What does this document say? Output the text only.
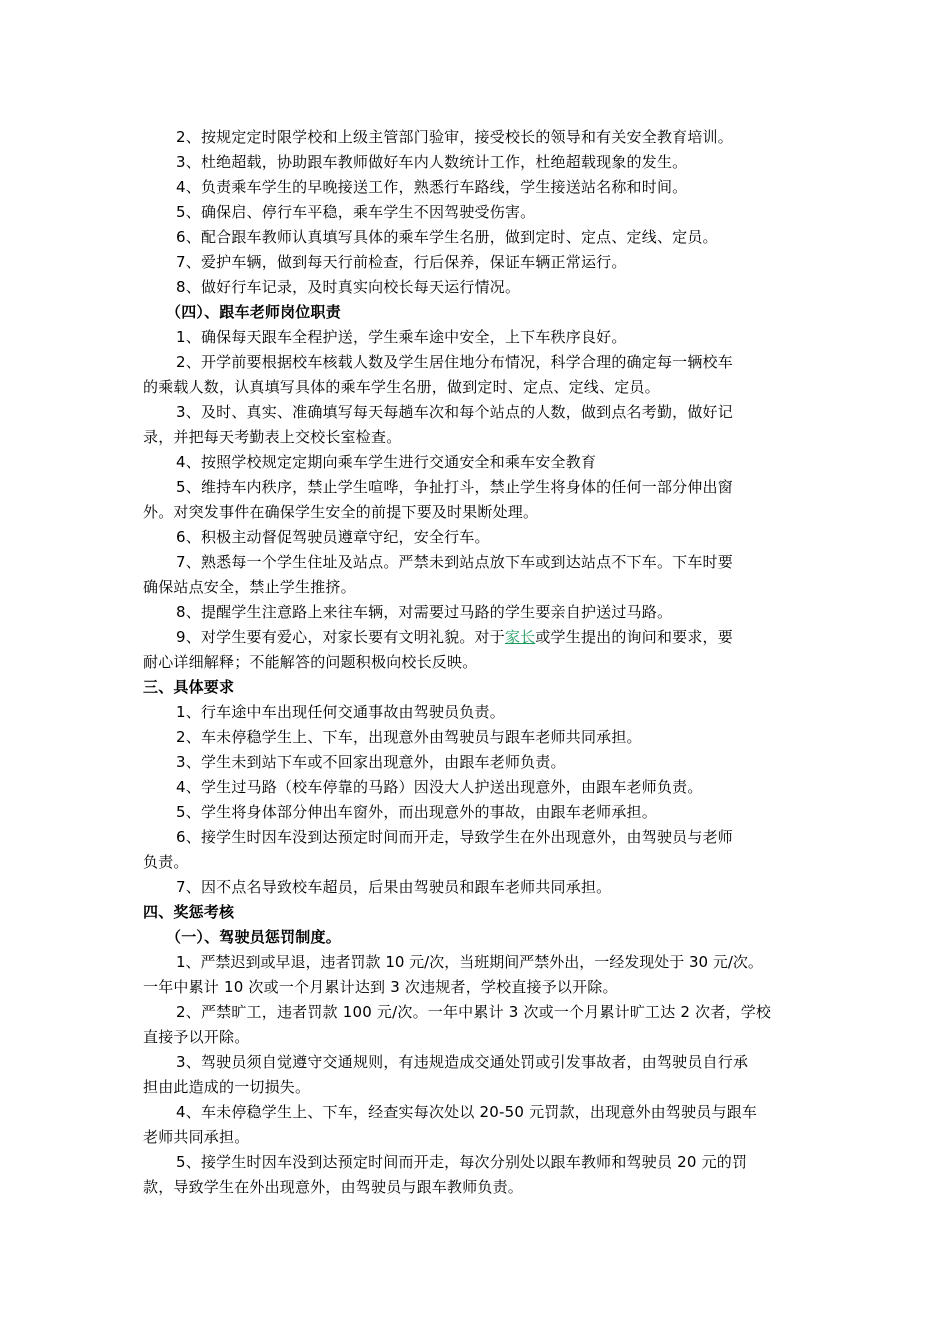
2、按规定定时限学校和上级主管部门验审，接受校长的领导和有关安全教育培训。
3、杜绝超载，协助跟车教师做好车内人数统计工作，杜绝超载现象的发生。
4、负责乘车学生的早晚接送工作，熟悉行车路线，学生接送站名称和时间。
5、确保启、停行车平稳，乘车学生不因驾驶受伤害。
6、配合跟车教师认真填写具体的乘车学生名册，做到定时、定点、定线、定员。
7、爱护车辆，做到每天行前检查，行后保养，保证车辆正常运行。
8、做好行车记录，及时真实向校长每天运行情况。
（四）、跟车老师岗位职责
1、确保每天跟车全程护送，学生乘车途中安全，上下车秩序良好。
2、开学前要根据校车核载人数及学生居住地分布情况，科学合理的确定每一辆校车
的乘载人数，认真填写具体的乘车学生名册，做到定时、定点、定线、定员。
3、及时、真实、准确填写每天每趟车次和每个站点的人数，做到点名考勤，做好记
录，并把每天考勤表上交校长室检查。
4、按照学校规定定期向乘车学生进行交通安全和乘车安全教育
5、维持车内秩序，禁止学生喧哗，争扯打斗，禁止学生将身体的任何一部分伸出窗
外。对突发事件在确保学生安全的前提下要及时果断处理。
6、积极主动督促驾驶员遵章守纪，安全行车。
7、熟悉每一个学生住址及站点。严禁未到站点放下车或到达站点不下车。下车时要
确保站点安全，禁止学生推挤。
8、提醒学生注意路上来往车辆，对需要过马路的学生要亲自护送过马路。
9、对学生要有爱心，对家长要有文明礼貌。对于家长或学生提出的询问和要求，要
耐心详细解释；不能解答的问题积极向校长反映。
三、具体要求
1、行车途中车出现任何交通事故由驾驶员负责。
2、车未停稳学生上、下车，出现意外由驾驶员与跟车老师共同承担。
3、学生未到站下车或不回家出现意外，由跟车老师负责。
4、学生过马路（校车停靠的马路）因没大人护送出现意外，由跟车老师负责。
5、学生将身体部分伸出车窗外，而出现意外的事故，由跟车老师承担。
6、接学生时因车没到达预定时间而开走，导致学生在外出现意外，由驾驶员与老师
负责。
7、因不点名导致校车超员，后果由驾驶员和跟车老师共同承担。
四、奖惩考核
（一）、驾驶员惩罚制度。
1、严禁迟到或早退，违者罚款 10 元/次，当班期间严禁外出，一经发现处于 30 元/次。
一年中累计 10 次或一个月累计达到 3 次违规者，学校直接予以开除。
2、严禁旷工，违者罚款 100 元/次。一年中累计 3 次或一个月累计旷工达 2 次者，学校
直接予以开除。
3、驾驶员须自觉遵守交通规则，有违规造成交通处罚或引发事故者，由驾驶员自行承
担由此造成的一切损失。
4、车未停稳学生上、下车，经查实每次处以 20-50 元罚款，出现意外由驾驶员与跟车
老师共同承担。
5、接学生时因车没到达预定时间而开走，每次分别处以跟车教师和驾驶员 20 元的罚
款，导致学生在外出现意外，由驾驶员与跟车教师负责。
